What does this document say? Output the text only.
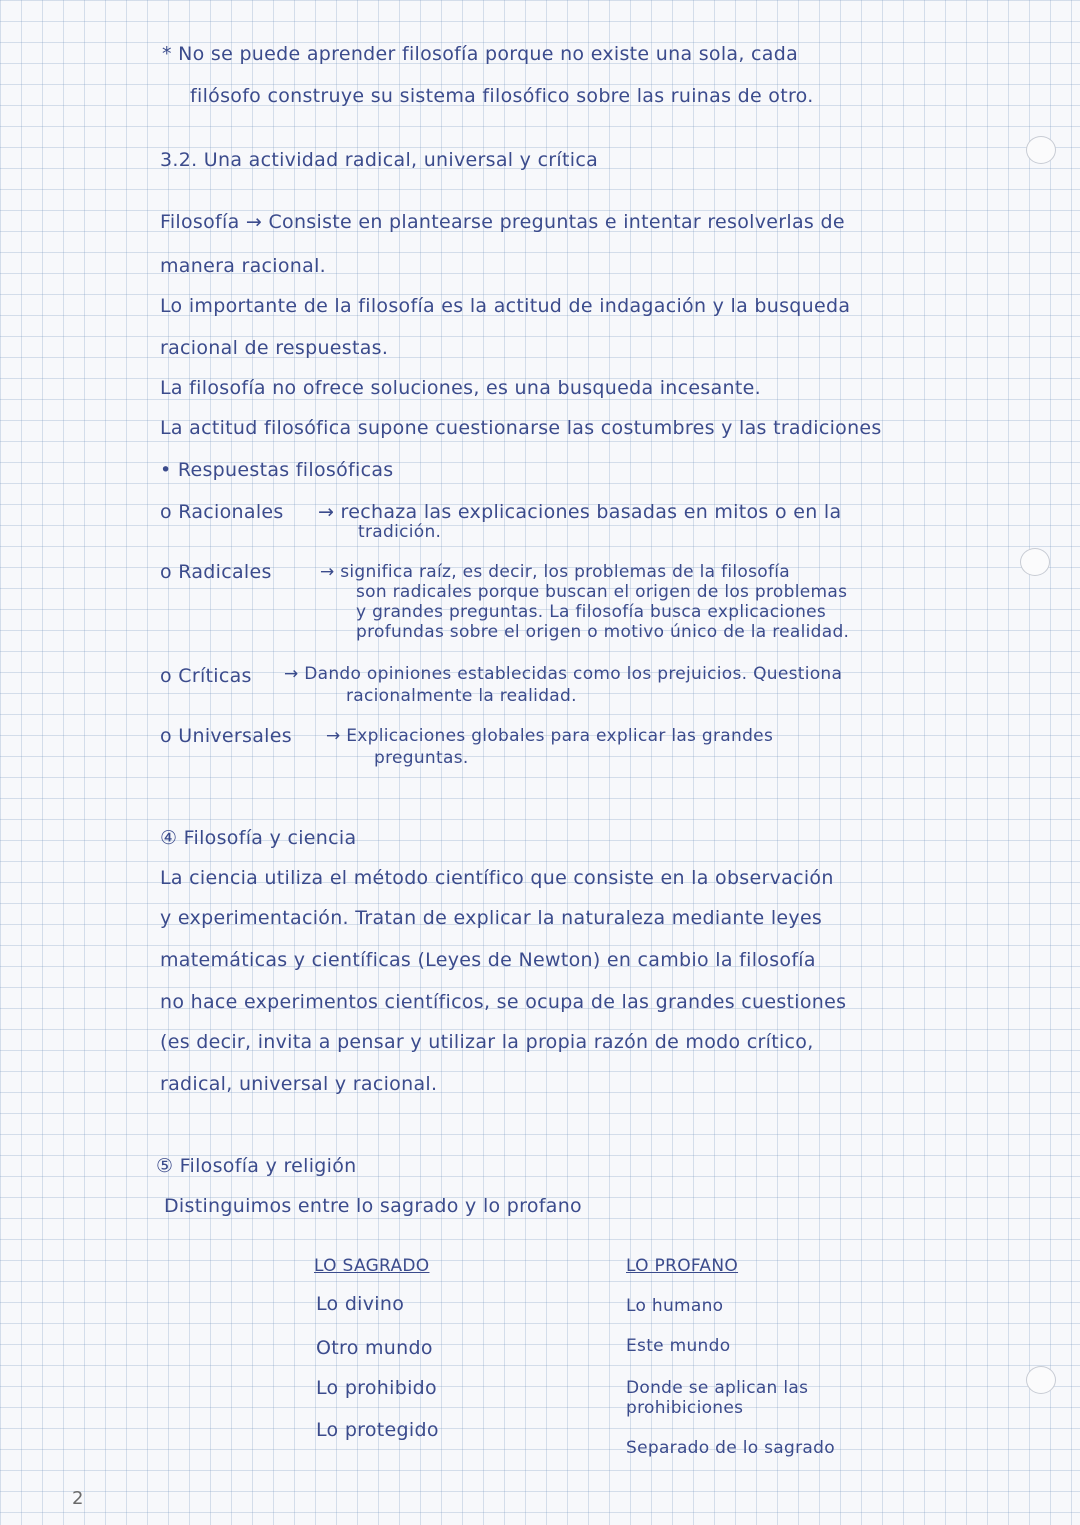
* No se puede aprender filosofía porque no existe una sola, cada
filósofo construye su sistema filosófico sobre las ruinas de otro.
3.2. Una actividad radical, universal y crítica
Filosofía → Consiste en plantearse preguntas e intentar resolverlas de
manera racional.
Lo importante de la filosofía es la actitud de indagación y la busqueda
racional de respuestas.
La filosofía no ofrece soluciones, es una busqueda incesante.
La actitud filosófica supone cuestionarse las costumbres y las tradiciones
• Respuestas filosóficas
o Racionales → rechaza las explicaciones basadas en mitos o en la
tradición.
o Radicales	→ significa raíz, es decir, los problemas de la filosofía
son radicales porque buscan el origen de los problemas
y grandes preguntas. La filosofía busca explicaciones
profundas sobre el origen o motivo único de la realidad.
o Críticas → Dando opiniones establecidas como los prejuicios. Questiona
racionalmente la realidad.
o Universales → Explicaciones globales para explicar las grandes
preguntas.
④ Filosofía y ciencia
La ciencia utiliza el método científico que consiste en la observación
y experimentación. Tratan de explicar la naturaleza mediante leyes
matemáticas y científicas (Leyes de Newton) en cambio la filosofía
no hace experimentos científicos, se ocupa de las grandes cuestiones
(es decir, invita a pensar y utilizar la propia razón de modo crítico,
radical, universal y racional.
⑤ Filosofía y religión
Distinguimos entre lo sagrado y lo profano
LO SAGRADO
Lo divino
Otro mundo
Lo prohibido
Lo protegido
LO PROFANO
Lo humano
Este mundo
Donde se aplican las
prohibiciones
Separado de lo sagrado
2
